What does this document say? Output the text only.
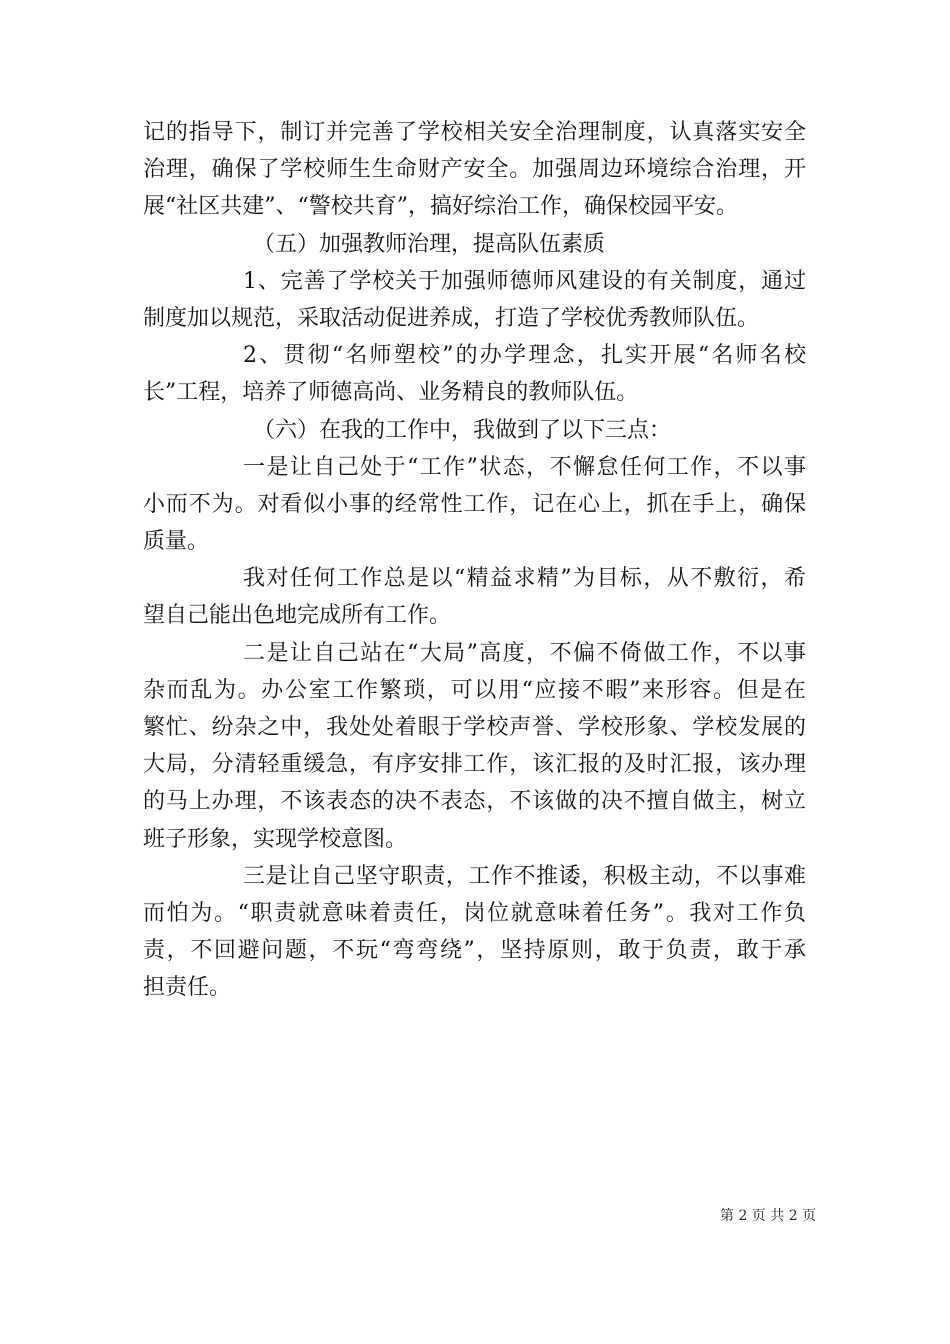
记的指导下，制订并完善了学校相关安全治理制度，认真落实安全
治理，确保了学校师生生命财产安全。加强周边环境综合治理，开
展“社区共建”、“警校共育”，搞好综治工作，确保校园平安。
（五）加强教师治理，提高队伍素质
1、完善了学校关于加强师德师风建设的有关制度，通过
制度加以规范，采取活动促进养成，打造了学校优秀教师队伍。
2、贯彻“名师塑校”的办学理念，扎实开展“名师名校
长”工程，培养了师德高尚、业务精良的教师队伍。
（六）在我的工作中，我做到了以下三点：
一是让自己处于“工作”状态，不懈怠任何工作，不以事
小而不为。对看似小事的经常性工作，记在心上，抓在手上，确保
质量。
我对任何工作总是以“精益求精”为目标，从不敷衍，希
望自己能出色地完成所有工作。
二是让自己站在“大局”高度，不偏不倚做工作，不以事
杂而乱为。办公室工作繁琐，可以用“应接不暇”来形容。但是在
繁忙、纷杂之中，我处处着眼于学校声誉、学校形象、学校发展的
大局，分清轻重缓急，有序安排工作，该汇报的及时汇报，该办理
的马上办理，不该表态的决不表态，不该做的决不擅自做主，树立
班子形象，实现学校意图。
三是让自己坚守职责，工作不推诿，积极主动，不以事难
而怕为。“职责就意味着责任，岗位就意味着任务”。我对工作负
责，不回避问题，不玩“弯弯绕”，坚持原则，敢于负责，敢于承
担责任。
第 2 页 共 2 页
